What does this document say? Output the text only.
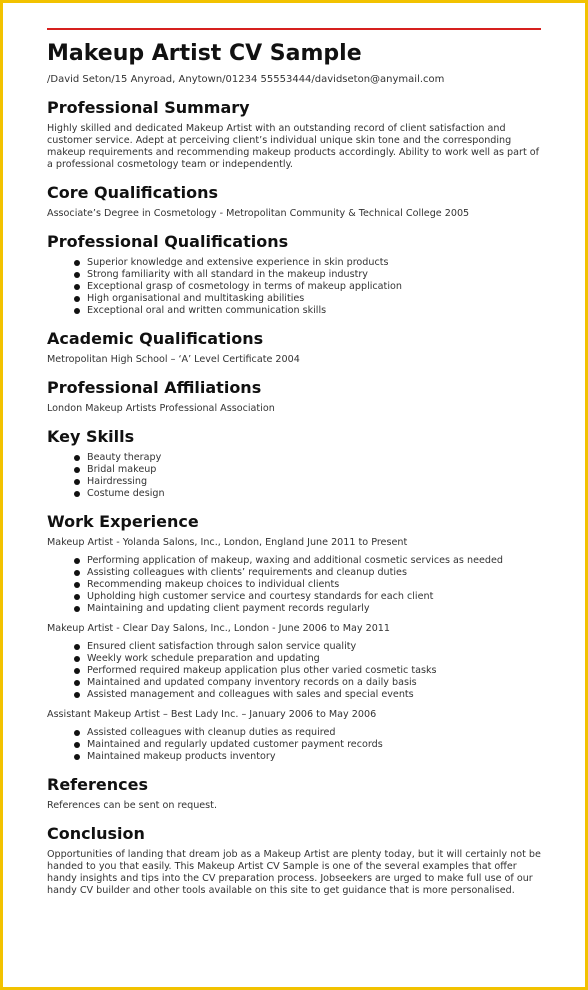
Makeup Artist CV Sample
/David Seton/15 Anyroad, Anytown/01234 55553444/davidseton@anymail.com
Professional Summary
Highly skilled and dedicated Makeup Artist with an outstanding record of client satisfaction and customer service. Adept at perceiving client’s individual unique skin tone and the corresponding makeup requirements and recommending makeup products accordingly. Ability to work well as part of a professional cosmetology team or independently.
Core Qualifications
Associate’s Degree in Cosmetology - Metropolitan Community & Technical College 2005
Professional Qualifications
Superior knowledge and extensive experience in skin products
Strong familiarity with all standard in the makeup industry
Exceptional grasp of cosmetology in terms of makeup application
High organisational and multitasking abilities
Exceptional oral and written communication skills
Academic Qualifications
Metropolitan High School – ‘A’ Level Certificate 2004
Professional Affiliations
London Makeup Artists Professional Association
Key Skills
Beauty therapy
Bridal makeup
Hairdressing
Costume design
Work Experience
Makeup Artist - Yolanda Salons, Inc., London, England June 2011 to Present
Performing application of makeup, waxing and additional cosmetic services as needed
Assisting colleagues with clients’ requirements and cleanup duties
Recommending makeup choices to individual clients
Upholding high customer service and courtesy standards for each client
Maintaining and updating client payment records regularly
Makeup Artist - Clear Day Salons, Inc., London - June 2006 to May 2011
Ensured client satisfaction through salon service quality
Weekly work schedule preparation and updating
Performed required makeup application plus other varied cosmetic tasks
Maintained and updated company inventory records on a daily basis
Assisted management and colleagues with sales and special events
Assistant Makeup Artist – Best Lady Inc. – January 2006 to May 2006
Assisted colleagues with cleanup duties as required
Maintained and regularly updated customer payment records
Maintained makeup products inventory
References
References can be sent on request.
Conclusion
Opportunities of landing that dream job as a Makeup Artist are plenty today, but it will certainly not be handed to you that easily. This Makeup Artist CV Sample is one of the several examples that offer handy insights and tips into the CV preparation process. Jobseekers are urged to make full use of our handy CV builder and other tools available on this site to get guidance that is more personalised.
